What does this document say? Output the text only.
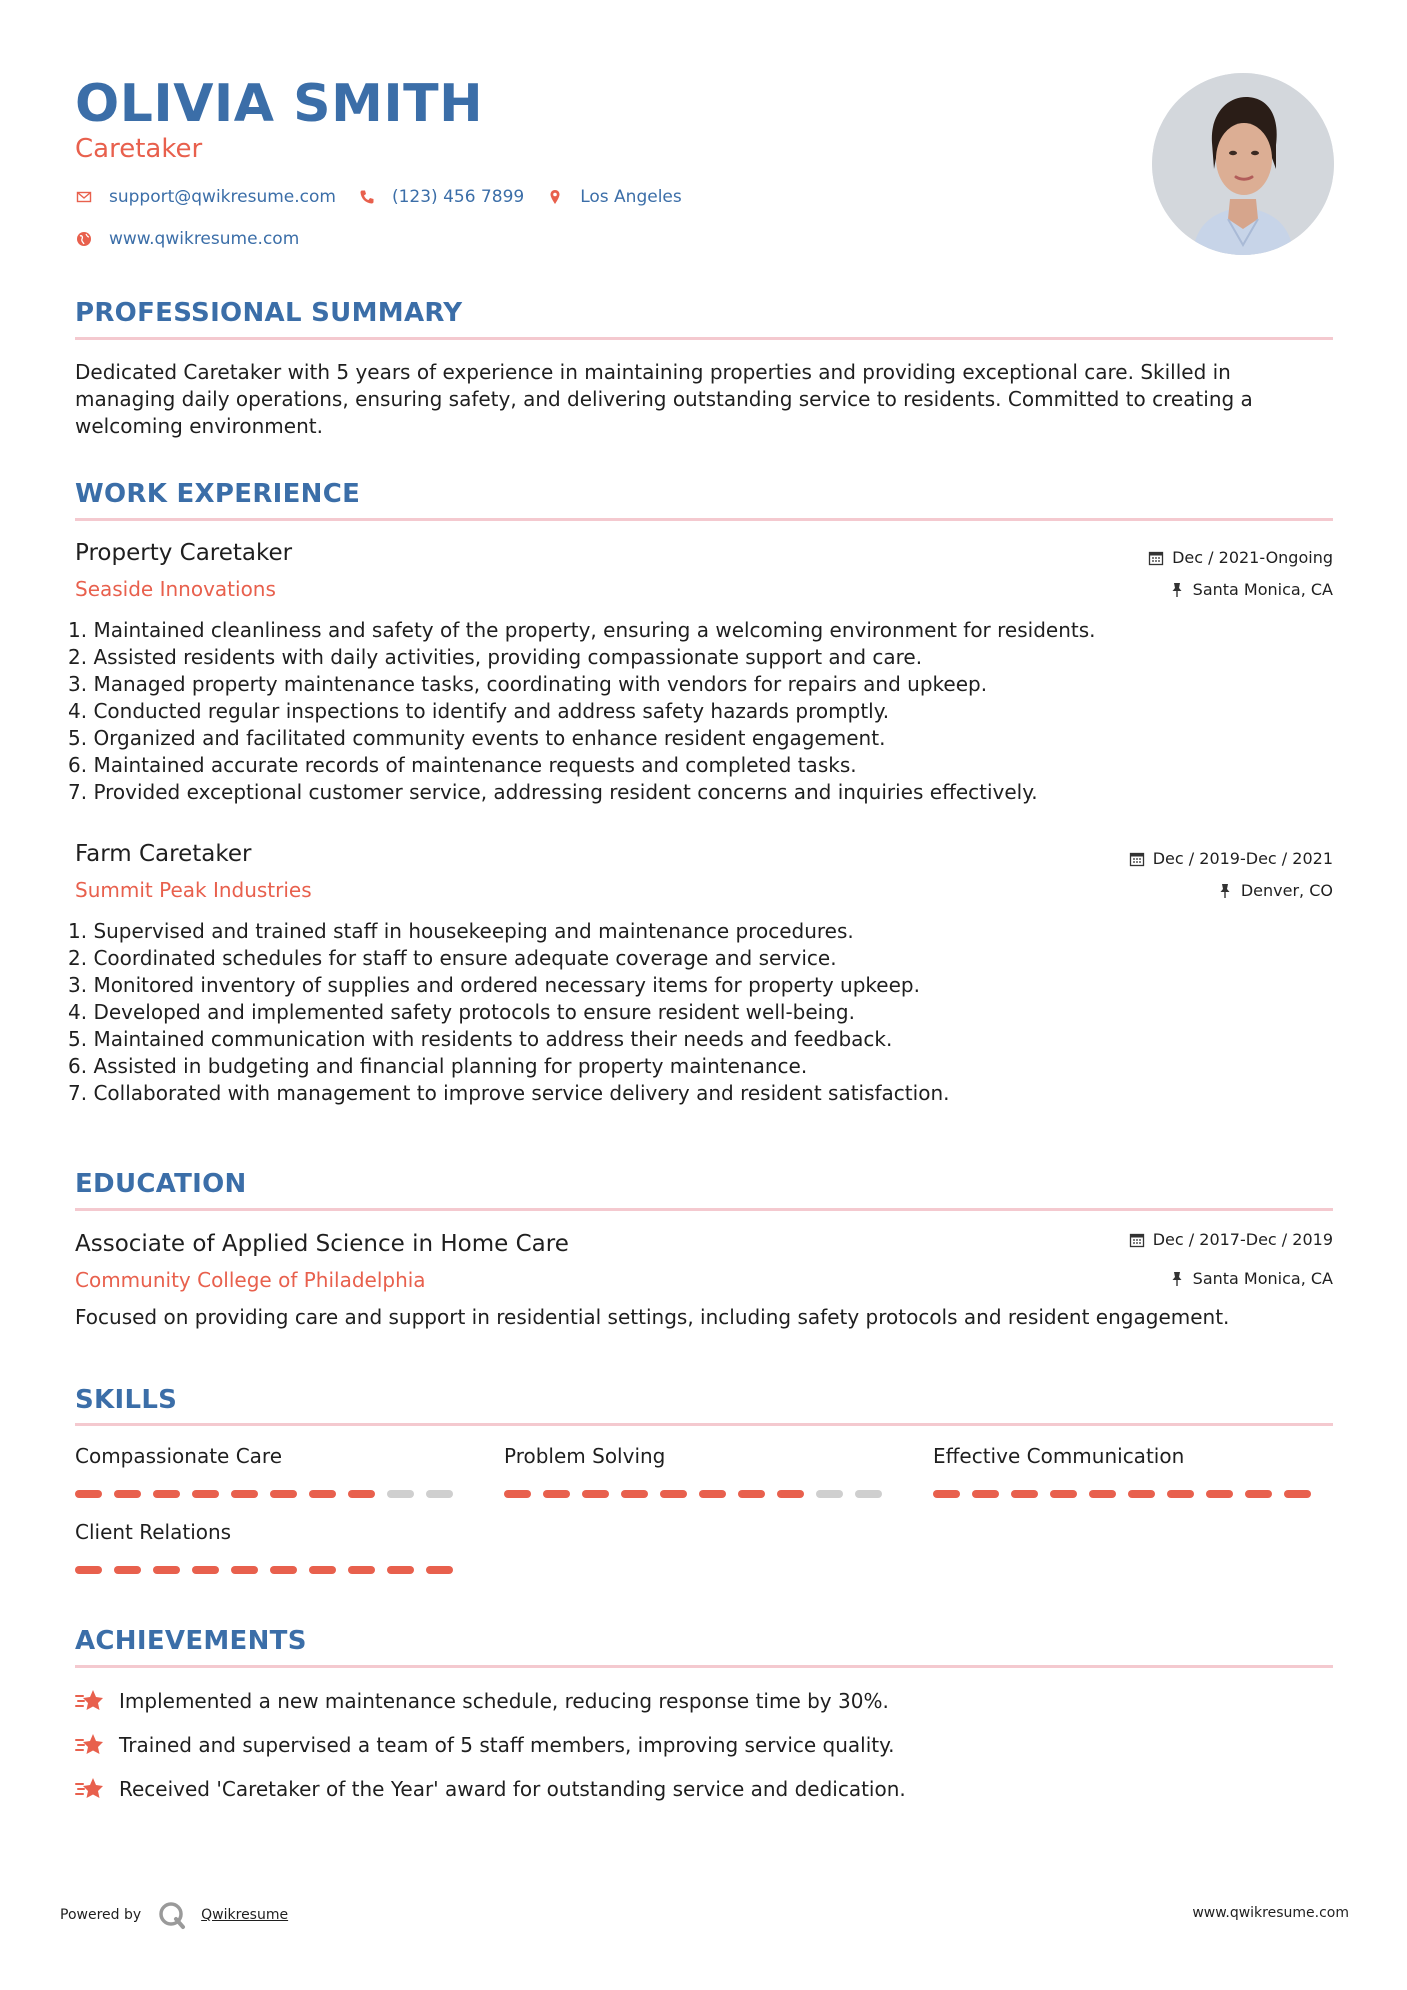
OLIVIA SMITH
Caretaker
support@qwikresume.com	(123) 456 7899	Los Angeles
www.qwikresume.com
PROFESSIONAL SUMMARY
Dedicated Caretaker with 5 years of experience in maintaining properties and providing exceptional care. Skilled in managing daily operations, ensuring safety, and delivering outstanding service to residents. Committed to creating a welcoming environment.
WORK EXPERIENCE
Property Caretaker
Seaside Innovations
Dec / 2021-Ongoing
Santa Monica, CA
1. Maintained cleanliness and safety of the property, ensuring a welcoming environment for residents.
2. Assisted residents with daily activities, providing compassionate support and care.
3. Managed property maintenance tasks, coordinating with vendors for repairs and upkeep.
4. Conducted regular inspections to identify and address safety hazards promptly.
5. Organized and facilitated community events to enhance resident engagement.
6. Maintained accurate records of maintenance requests and completed tasks.
7. Provided exceptional customer service, addressing resident concerns and inquiries effectively.
Farm Caretaker
Summit Peak Industries
Dec / 2019-Dec / 2021
Denver, CO
1. Supervised and trained staff in housekeeping and maintenance procedures.
2. Coordinated schedules for staff to ensure adequate coverage and service.
3. Monitored inventory of supplies and ordered necessary items for property upkeep.
4. Developed and implemented safety protocols to ensure resident well-being.
5. Maintained communication with residents to address their needs and feedback.
6. Assisted in budgeting and financial planning for property maintenance.
7. Collaborated with management to improve service delivery and resident satisfaction.
EDUCATION
Associate of Applied Science in Home Care
Community College of Philadelphia
Dec / 2017-Dec / 2019
Santa Monica, CA
Focused on providing care and support in residential settings, including safety protocols and resident engagement.
SKILLS
Compassionate Care	Problem Solving	Effective Communication
Client Relations
ACHIEVEMENTS
Implemented a new maintenance schedule, reducing response time by 30%.
Trained and supervised a team of 5 staff members, improving service quality.
Received 'Caretaker of the Year' award for outstanding service and dedication.
Powered by	Qwikresume	www.qwikresume.com
